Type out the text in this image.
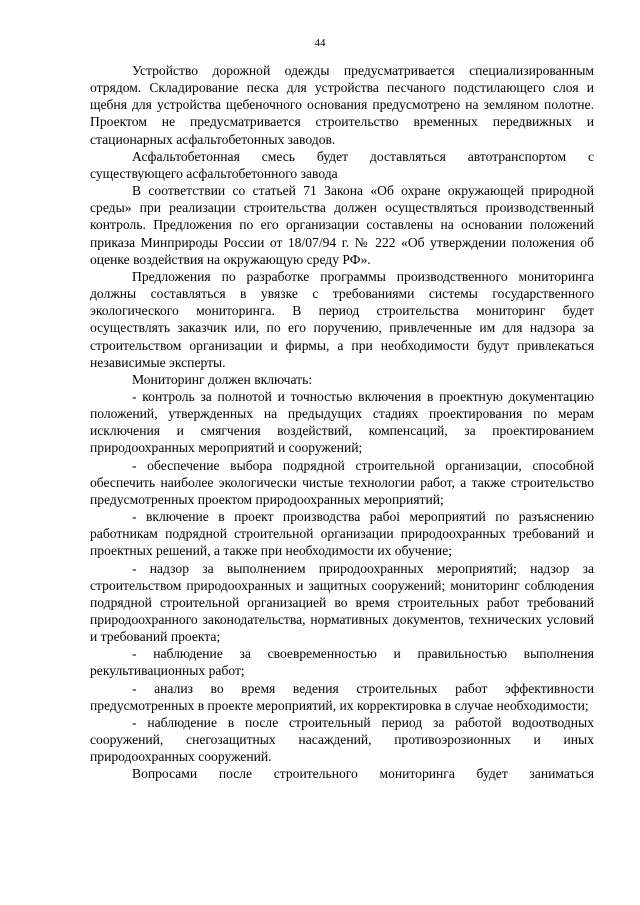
44

Устройство дорожной одежды предусматривается специализированным отрядом. Складирование песка для устройства песчаного подстилающего слоя и щебня для устройства щебеночного основания предусмотрено на земляном полотне. Проектом не предусматривается строительство временных передвижных и стационарных асфальтобетонных заводов.

Асфальтобетонная смесь будет доставляться автотранспортом с существующего асфальтобетонного завода

В соответствии со статьей 71 Закона «Об охране окружающей природной среды» при реализации строительства должен осуществляться производственный контроль. Предложения по его организации составлены на основании положений приказа Минприроды России от 18/07/94 г. № 222 «Об утверждении положения об оценке воздействия на окружающую среду РФ».

Предложения по разработке программы производственного мониторинга должны составляться в увязке с требованиями системы государственного экологического мониторинга. В период строительства мониторинг будет осуществлять заказчик или, по его поручению, привлеченные им для надзора за строительством организации и фирмы, а при необходимости будут привлекаться независимые эксперты.

Мониторинг должен включать:

- контроль за полнотой и точностью включения в проектную документацию положений, утвержденных на предыдущих стадиях проектирования по мерам исключения и смягчения воздействий, компенсаций, за проектированием природоохранных мероприятий и сооружений;

- обеспечение выбора подрядной строительной организации, способной обеспечить наиболее экологически чистые технологии работ, а также строительство предусмотренных проектом природоохранных мероприятий;

- включение в проект производства рабоі мероприятий по разъяснению работникам подрядной строительной организации природоохранных требований и проектных решений, а также при необходимости их обучение;

- надзор за выполнением природоохранных мероприятий; надзор за строительством природоохранных и защитных сооружений; мониторинг соблюдения подрядной строительной организацией во время строительных работ требований природоохранного законодательства, нормативных документов, технических условий и требований проекта;

- наблюдение за своевременностью и правильностью выполнения рекультивационных работ;

- анализ во время ведения строительных работ эффективности предусмотренных в проекте мероприятий, их корректировка в случае необходимости;

- наблюдение в после строительный период за работой водоотводных сооружений, снегозащитных насаждений, противоэрозионных и иных природоохранных сооружений.

Вопросами после строительного мониторинга будет заниматься
